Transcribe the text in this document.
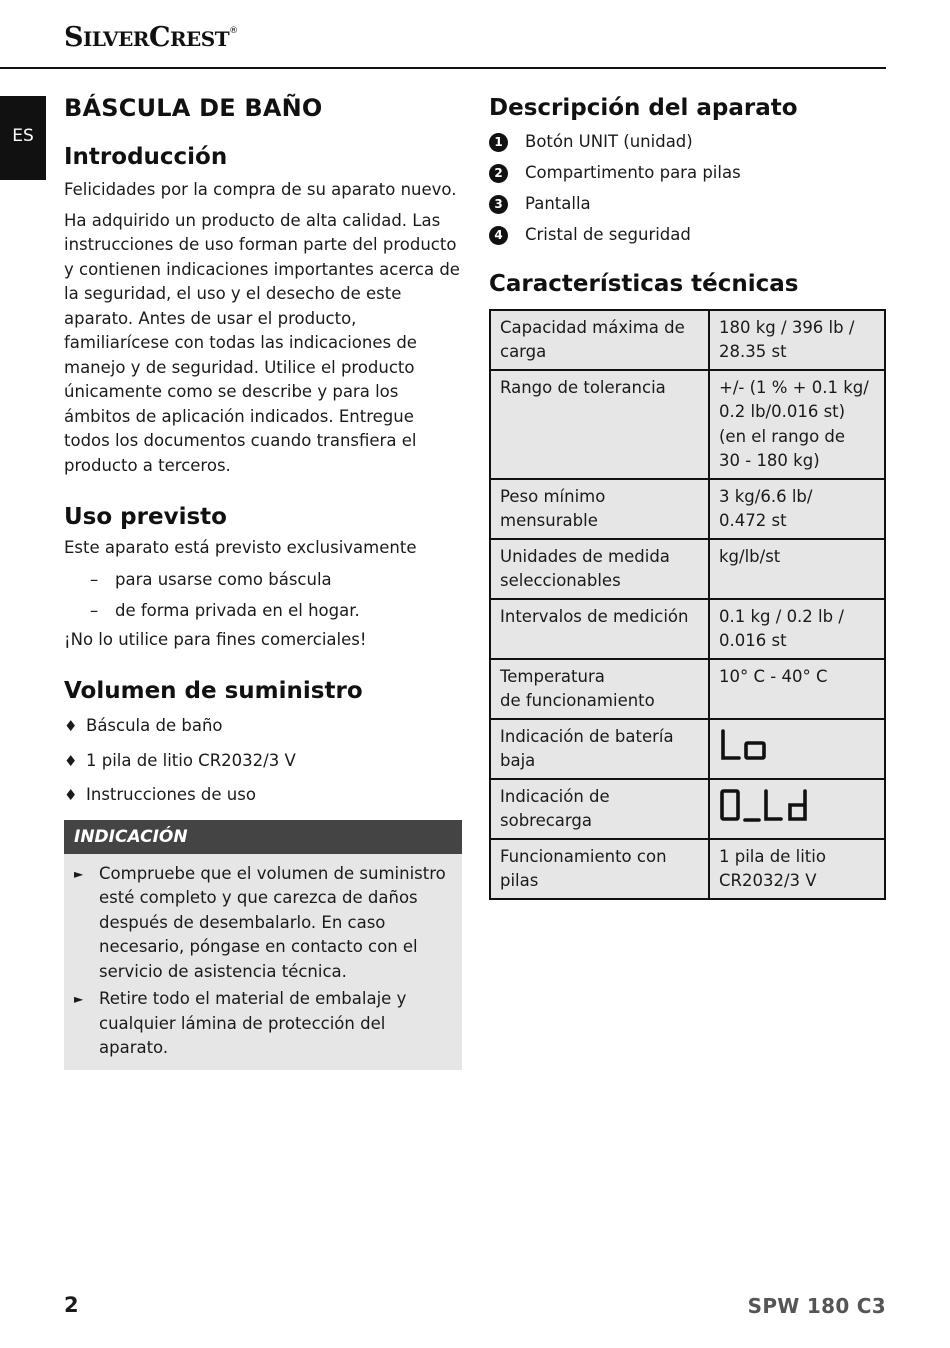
SILVERCREST®
ES
BÁSCULA DE BAÑO
Introducción

Felicidades por la compra de su aparato nuevo.

Ha adquirido un producto de alta calidad. Las instrucciones de uso forman parte del producto y contienen indicaciones importantes acerca de la seguridad, el uso y el desecho de este aparato. Antes de usar el producto, familiarícese con todas las indicaciones de manejo y de seguridad. Utilice el producto únicamente como se describe y para los ámbitos de aplicación indicados. Entregue todos los documentos cuando transfiera el producto a terceros.

Uso previsto

Este aparato está previsto exclusivamente

– para usarse como báscula
– de forma privada en el hogar.

¡No lo utilice para fines comerciales!

Volumen de suministro
♦ Báscula de baño
♦ 1 pila de litio CR2032/3 V
♦ Instrucciones de uso
INDICACIÓN
► Compruebe que el volumen de suministro esté completo y que carezca de daños después de desembalarlo. En caso necesario, póngase en contacto con el servicio de asistencia técnica.
► Retire todo el material de embalaje y cualquier lámina de protección del aparato.
Descripción del aparato
1	Botón UNIT (unidad)
2	Compartimento para pilas
3	Pantalla
4	Cristal de seguridad
Características técnicas
Capacidad máxima de
carga	180 kg / 396 lb /
28.35 st
Rango de tolerancia	+/- (1 % + 0.1 kg/
0.2 lb/0.016 st)
(en el rango de
30 - 180 kg)
Peso mínimo mensurable	3 kg/6.6 lb/
0.472 st
Unidades de medida
seleccionables	kg/lb/st
Intervalos de medición	0.1 kg / 0.2 lb /
0.016 st
Temperatura
de funcionamiento	10° C - 40° C
Indicación de batería
baja	

Indicación de sobrecarga	

Funcionamiento con pilas	1 pila de litio
CR2032/3 V
2	SPW 180 C3
